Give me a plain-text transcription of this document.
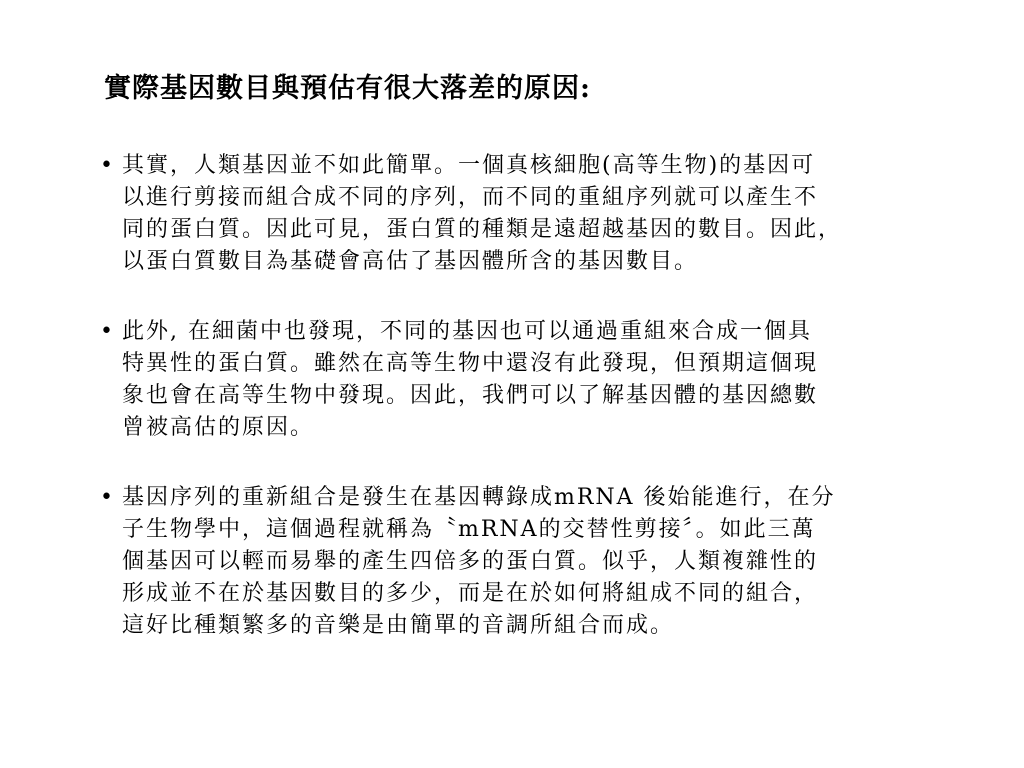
實際基因數目與預估有很大落差的原因:
• 其實，人類基因並不如此簡單。一個真核細胞(高等生物)的基因可
以進行剪接而組合成不同的序列，而不同的重組序列就可以產生不
同的蛋白質。因此可見，蛋白質的種類是遠超越基因的數目。因此，
以蛋白質數目為基礎會高估了基因體所含的基因數目。
• 此外, 在細菌中也發現，不同的基因也可以通過重組來合成一個具
特異性的蛋白質。雖然在高等生物中還沒有此發現，但預期這個現
象也會在高等生物中發現。因此，我們可以了解基因體的基因總數
曾被高估的原因。
• 基因序列的重新組合是發生在基因轉錄成mRNA 後始能進行，在分
子生物學中，這個過程就稱為〝mRNA的交替性剪接〞。如此三萬
個基因可以輕而易舉的產生四倍多的蛋白質。似乎，人類複雜性的
形成並不在於基因數目的多少，而是在於如何將組成不同的組合，
這好比種類繁多的音樂是由簡單的音調所組合而成。
